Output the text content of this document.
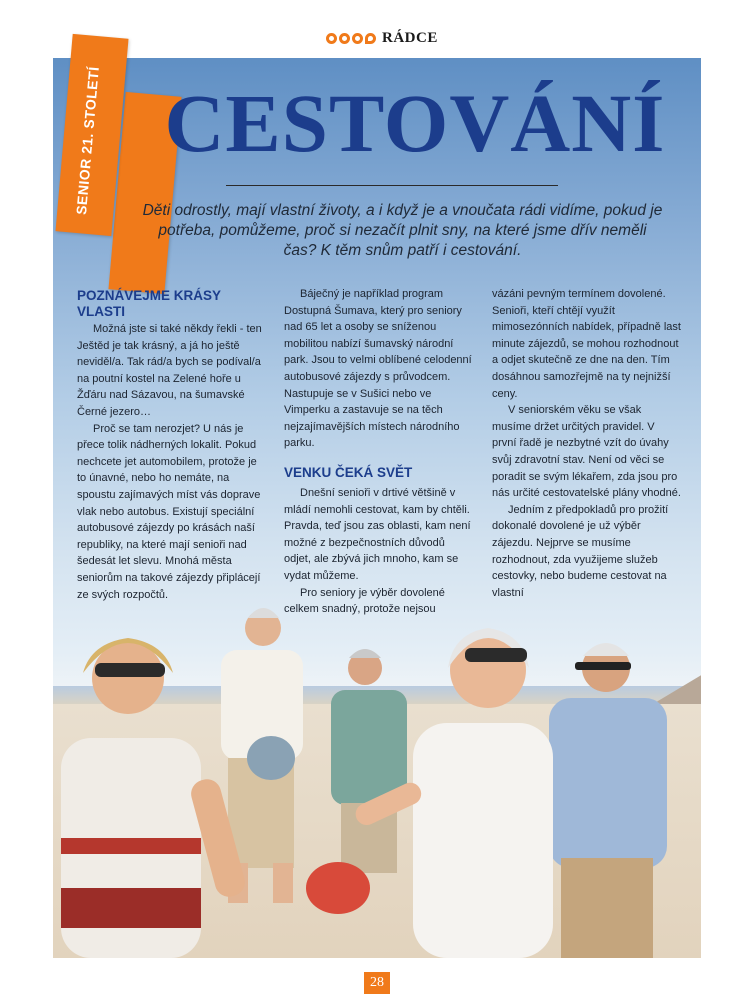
RÁDCE
CESTOVÁNÍ
Děti odrostly, mají vlastní životy, a i když je a vnoučata rádi vidíme, pokud je potřeba, pomůžeme, proč si nezačít plnit sny, na které jsme dřív neměli čas? K těm snům patří i cestování.
POZNÁVEJME KRÁSY VLASTI

Možná jste si také někdy řekli - ten Ještěd je tak krásný, a já ho ještě neviděl/a. Tak rád/a bych se podíval/a na poutní kostel na Zelené hoře u Žďáru nad Sázavou, na šumavské Černé jezero…

Proč se tam nerozjet? U nás je přece tolik nádherných lokalit. Pokud nechcete jet automobilem, protože je to únavné, nebo ho nemáte, na spoustu zajímavých míst vás doprave vlak nebo autobus. Existují speciální autobusové zájezdy po krásách naší republiky, na které mají senioři nad šedesát let slevu. Mnohá města seniorům na takové zájezdy připlácejí ze svých rozpočtů.

Báječný je například program Dostupná Šumava, který pro seniory nad 65 let a osoby se sníženou mobilitou nabízí šumavský národní park. Jsou to velmi oblíbené celodenní autobusové zájezdy s průvodcem. Nastupuje se v Sušici nebo ve Vimperku a zastavuje se na těch nejzajímavějších místech národního parku.

VENKU ČEKÁ SVĚT

Dnešní senioři v drtivé většině v mládí nemohli cestovat, kam by chtěli. Pravda, teď jsou zas oblasti, kam není možné z bezpečnostních důvodů odjet, ale zbývá jich mnoho, kam se vydat můžeme.

Pro seniory je výběr dovolené celkem snadný, protože nejsou

vázáni pevným termínem dovolené. Senioři, kteří chtějí využít mimosezónních nabídek, případně last minute zájezdů, se mohou rozhodnout a odjet skutečně ze dne na den. Tím dosáhnou samozřejmě na ty nejnižší ceny.

V seniorském věku se však musíme držet určitých pravidel. V první řadě je nezbytné vzít do úvahy svůj zdravotní stav. Není od věci se poradit se svým lékařem, zda jsou pro nás určité cestovatelské plány vhodné.

Jedním z předpokladů pro prožití dokonalé dovolené je už výběr zájezdu. Nejprve se musíme rozhodnout, zda využijeme služeb cestovky, nebo budeme cestovat na vlastní

SENIOR 21. STOLETÍ
28
